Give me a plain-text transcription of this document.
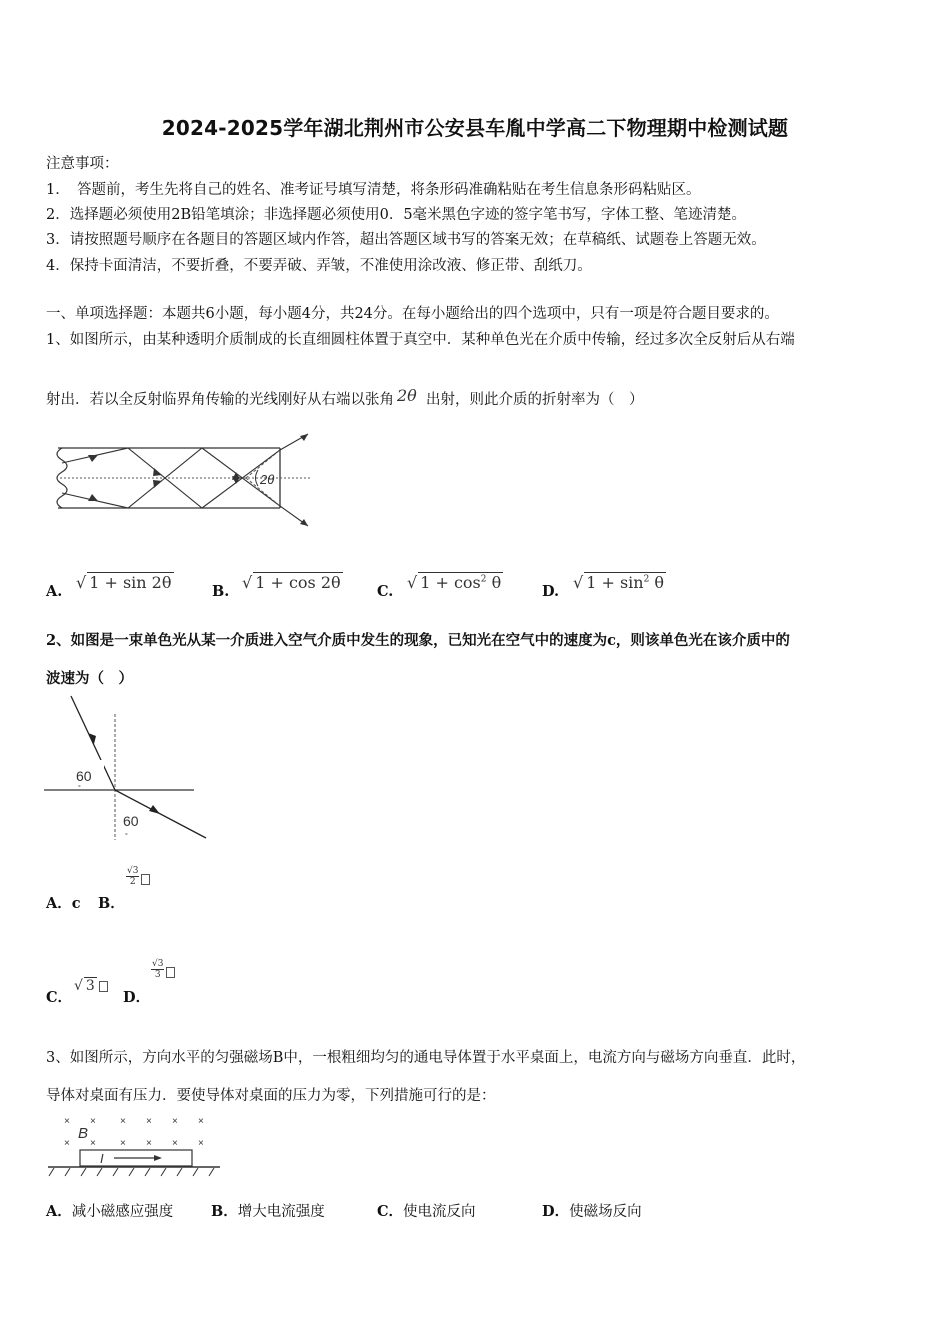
2024-2025学年湖北荆州市公安县车胤中学高二下物理期中检测试题
注意事项：
1．　答题前，考生先将自己的姓名、准考证号填写清楚，将条形码准确粘贴在考生信息条形码粘贴区。
2．选择题必须使用2B铅笔填涂；非选择题必须使用0．5毫米黑色字迹的签字笔书写，字体工整、笔迹清楚。
3．请按照题号顺序在各题目的答题区域内作答，超出答题区域书写的答案无效；在草稿纸、试题卷上答题无效。
4．保持卡面清洁，不要折叠，不要弄破、弄皱，不准使用涂改液、修正带、刮纸刀。
一、单项选择题：本题共6小题，每小题4分，共24分。在每小题给出的四个选项中，只有一项是符合题目要求的。
1、如图所示，由某种透明介质制成的长直细圆柱体置于真空中．某种单色光在介质中传输，经过多次全反射后从右端
射出．若以全反射临界角传输的光线刚好从右端以张角 2θ 出射，则此介质的折射率为（　）
2θ
A. √ 1 + sin 2θ	B. √ 1 + cos 2θ	C. √ $1 + \cos^2 \theta$	D. √ $1 + \sin^2 \theta$
2、如图是一束单色光从某一介质进入空气介质中发生的现象，已知光在空气中的速度为c，则该单色光在该介质中的
波速为（　）
60
°
60
°
A．c B．
$\frac{√3}{2}$
C．
√ 3
D．
$\frac{√3}{3}$
3、如图所示，方向水平的匀强磁场B中，一根粗细均匀的通电导体置于水平桌面上，电流方向与磁场方向垂直．此时，
导体对桌面有压力．要使导体对桌面的压力为零，下列措施可行的是：
× × × × × ×
× × × × × ×
B
I
A．减小磁感应强度	B．增大电流强度	C．使电流反向	D．使磁场反向
